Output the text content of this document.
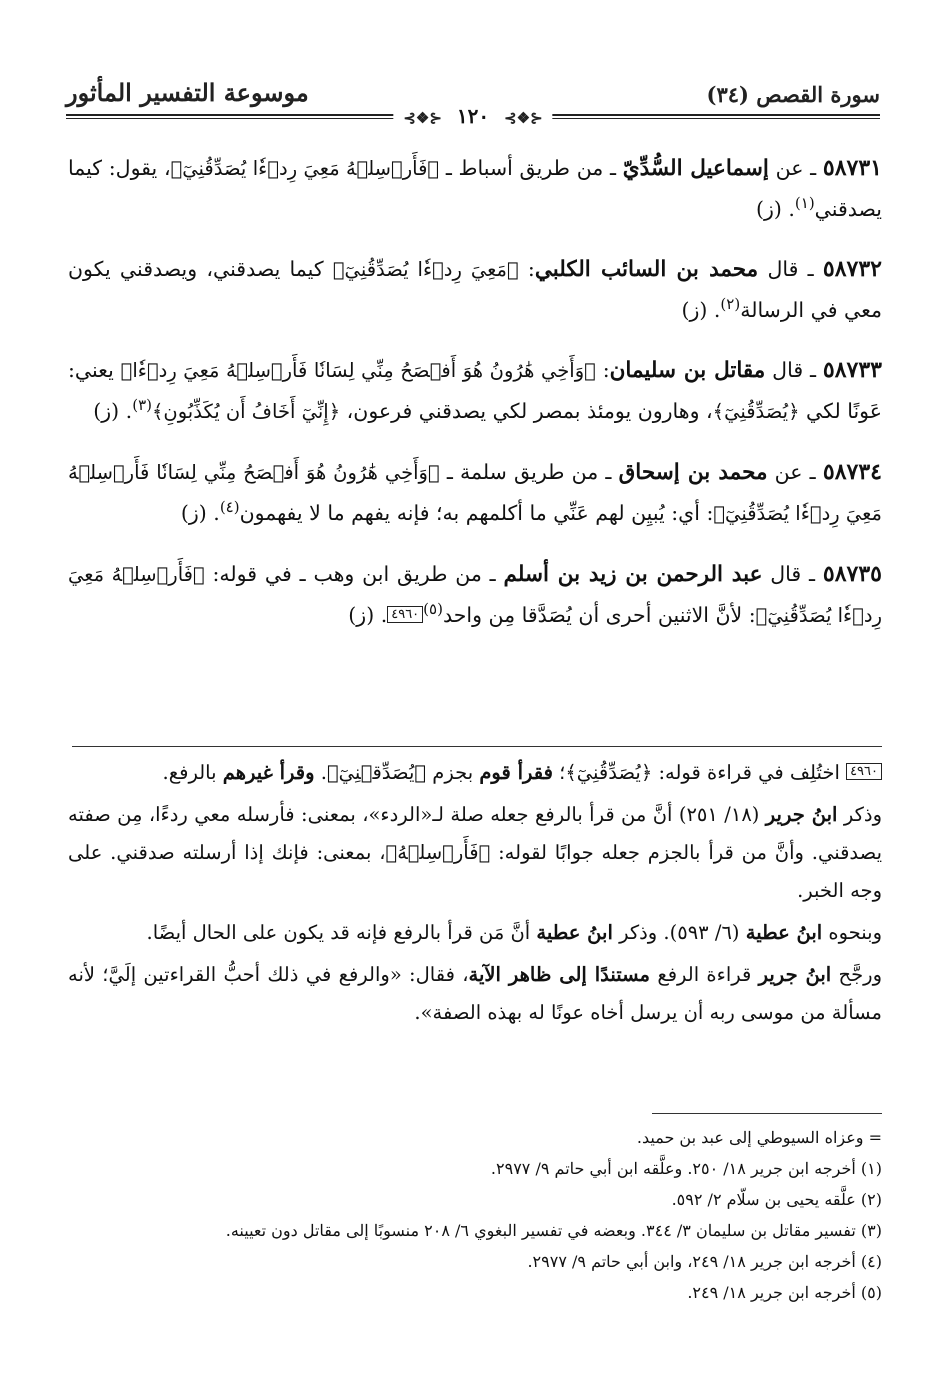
سورة القصص (٣٤)
موسوعة التفسير المأثور
⊰❖⊱ ١٢٠ ⊰❖⊱

٥٨٧٣١ ـ عن إسماعيل السُّدِّيّ ـ من طريق أسباط ـ ﴿فَأَرۡسِلۡهُ مَعِيَ رِدۡءٗا يُصَدِّقُنِيٓ﴾، يقول: كيما يصدقني$^{(١)}$. (ز)

٥٨٧٣٢ ـ قال محمد بن السائب الكلبي: ﴿مَعِيَ رِدۡءٗا يُصَدِّقُنِيٓ﴾ كيما يصدقني، ويصدقني يكون معي في الرسالة$^{(٢)}$. (ز)

٥٨٧٣٣ ـ قال مقاتل بن سليمان: ﴿وَأَخِي هَٰرُونُ هُوَ أَفۡصَحُ مِنِّي لِسَانٗا فَأَرۡسِلۡهُ مَعِيَ رِدۡءٗا﴾ يعني: عَونًا لكي ﴿يُصَدِّقُنِيٓ﴾، وهارون يومئذ بمصر لكي يصدقني فرعون، ﴿إِنِّيٓ أَخَافُ أَن يُكَذِّبُونِ﴾$^{(٣)}$. (ز)

٥٨٧٣٤ ـ عن محمد بن إسحاق ـ من طريق سلمة ـ ﴿وَأَخِي هَٰرُونُ هُوَ أَفۡصَحُ مِنِّي لِسَانٗا فَأَرۡسِلۡهُ مَعِيَ رِدۡءٗا يُصَدِّقُنِيٓ﴾: أي: يُبيِن لهم عَنِّي ما أكلمهم به؛ فإنه يفهم ما لا يفهمون$^{(٤)}$. (ز)

٥٨٧٣٥ ـ قال عبد الرحمن بن زيد بن أسلم ـ من طريق ابن وهب ـ في قوله: ﴿فَأَرۡسِلۡهُ مَعِيَ رِدۡءٗا يُصَدِّقُنِيٓ﴾: لأنَّ الاثنين أحرى أن يُصَدَّقا مِن واحد$^{(٥)}$٤٩٦٠. (ز)

٤٩٦٠ اختُلِف في قراءة قوله: ﴿يُصَدِّقُنِيٓ﴾؛ فقرأ قوم بجزم ﴿يُصَدِّقۡنِيٓ﴾. وقرأ غيرهم بالرفع.

وذكر ابنُ جرير (١٨/ ٢٥١) أنَّ من قرأ بالرفع جعله صلة لـ«الردء»، بمعنى: فأرسله معي ردءًا، مِن صفته يصدقني. وأنَّ من قرأ بالجزم جعله جوابًا لقوله: ﴿فَأَرۡسِلۡهُ﴾، بمعنى: فإنك إذا أرسلته صدقني. على وجه الخبر.

وبنحوه ابنُ عطية (٦/ ٥٩٣). وذكر ابنُ عطية أنَّ مَن قرأ بالرفع فإنه قد يكون على الحال أيضًا.

ورجَّح ابنُ جرير قراءة الرفع مستندًا إلى ظاهر الآية، فقال: «والرفع في ذلك أحبُّ القراءتين إلَيَّ؛ لأنه مسألة من موسى ربه أن يرسل أخاه عونًا له بهذه الصفة».

= وعزاه السيوطي إلى عبد بن حميد.
(١) أخرجه ابن جرير ١٨/ ٢٥٠. وعلَّقه ابن أبي حاتم ٩/ ٢٩٧٧.
(٢) علَّقه يحيى بن سلّام ٢/ ٥٩٢.
(٣) تفسير مقاتل بن سليمان ٣/ ٣٤٤. وبعضه في تفسير البغوي ٦/ ٢٠٨ منسوبًا إلى مقاتل دون تعيينه.
(٤) أخرجه ابن جرير ١٨/ ٢٤٩، وابن أبي حاتم ٩/ ٢٩٧٧.
(٥) أخرجه ابن جرير ١٨/ ٢٤٩.
